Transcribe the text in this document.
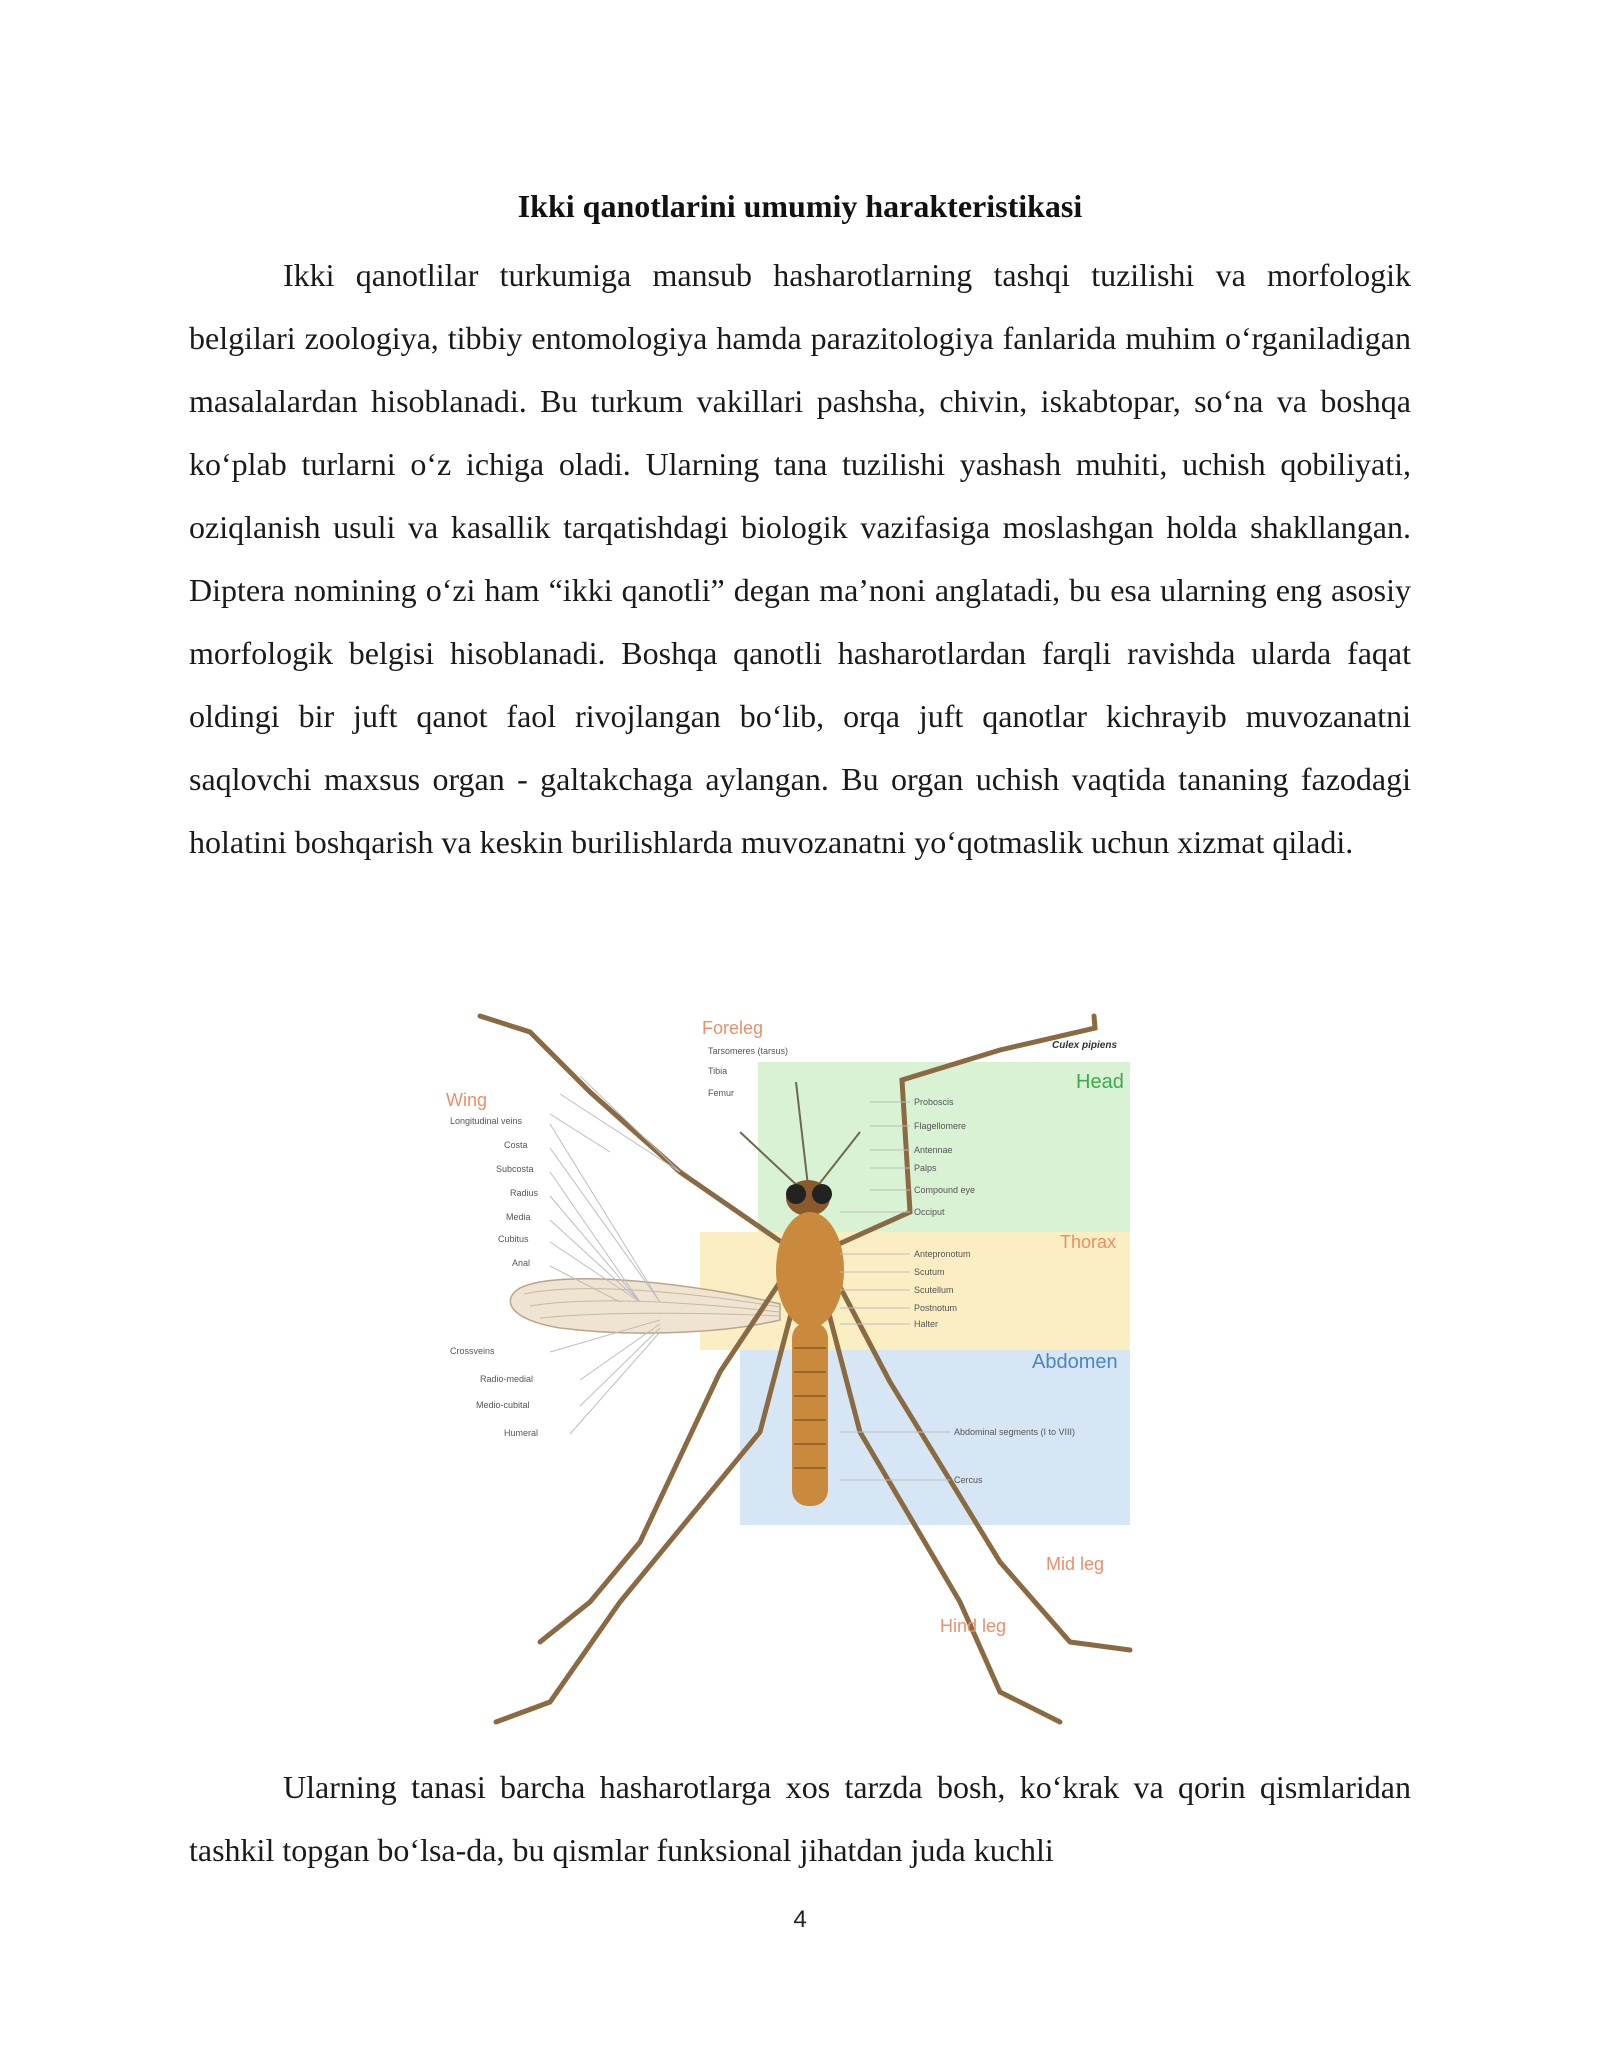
Ikki qanotlarini umumiy harakteristikasi

Ikki qanotlilar turkumiga mansub hasharotlarning tashqi tuzilishi va morfologik belgilari zoologiya, tibbiy entomologiya hamda parazitologiya fanlarida muhim o‘rganiladigan masalalardan hisoblanadi. Bu turkum vakillari pashsha, chivin, iskabtopar, so‘na va boshqa ko‘plab turlarni o‘z ichiga oladi. Ularning tana tuzilishi yashash muhiti, uchish qobiliyati, oziqlanish usuli va kasallik tarqatishdagi biologik vazifasiga moslashgan holda shakllangan. Diptera nomining o‘zi ham “ikki qanotli” degan ma’noni anglatadi, bu esa ularning eng asosiy morfologik belgisi hisoblanadi. Boshqa qanotli hasharotlardan farqli ravishda ularda faqat oldingi bir juft qanot faol rivojlangan bo‘lib, orqa juft qanotlar kichrayib muvozanatni saqlovchi maxsus organ - galtakchaga aylangan. Bu organ uchish vaqtida tananing fazodagi holatini boshqarish va keskin burilishlarda muvozanatni yo‘qotmaslik uchun xizmat qiladi.

Foreleg
Wing
Head
Thorax
Abdomen
Mid leg
Hind leg
Culex pipiens
Tarsomeres (tarsus)
Tibia
Femur
Longitudinal veins
Costa
Subcosta
Radius
Media
Cubitus
Anal
Crossveins
Radio-medial
Medio-cubital
Humeral
Proboscis
Flagellomere
Antennae
Palps
Compound eye
Occiput
Antepronotum
Scutum
Scutellum
Postnotum
Halter
Abdominal segments (I to VIII)
Cercus

Ularning tanasi barcha hasharotlarga xos tarzda bosh, ko‘krak va qorin qismlaridan tashkil topgan bo‘lsa-da, bu qismlar funksional jihatdan juda kuchli

4
